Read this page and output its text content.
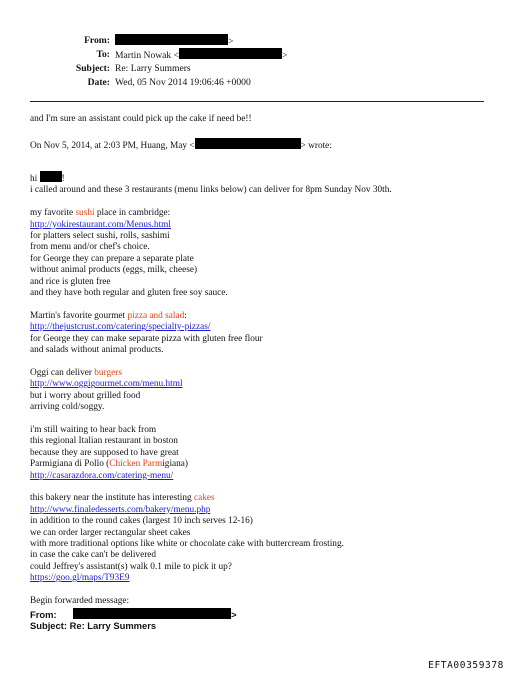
From:	>
To: Martin Nowak <	>
Subject: Re: Larry Summers
Date: Wed, 05 Nov 2014 19:06:46 +0000
and I'm sure an assistant could pick up the cake if need be!!
On Nov 5, 2014, at 2:03 PM, Huang, May <	> wrote:
hi	!
i called around and these 3 restaurants (menu links below) can deliver for 8pm Sunday Nov 30th.
my favorite sushi place in cambridge:
http://yokirestaurant.com/Menus.html
for platters select sushi, rolls, sashimi
from menu and/or chef's choice.
for George they can prepare a separate plate
without animal products (eggs, milk, cheese)
and rice is gluten free
and they have both regular and gluten free soy sauce.
Martin's favorite gourmet pizza and salad:
http://thejustcrust.com/catering/specialty-pizzas/
for George they can make separate pizza with gluten free flour
and salads without animal products.
Oggi can deliver burgers
http://www.oggigourmet.com/menu.html
but i worry about grilled food
arriving cold/soggy.
i'm still waiting to hear back from
this regional Italian restaurant in boston
because they are supposed to have great
Parmigiana di Pollo (Chicken Parmigiana)
http://casarazdora.com/catering-menu/
this bakery near the institute has interesting cakes
http://www.finaledesserts.com/bakery/menu.php
in addition to the round cakes (largest 10 inch serves 12-16)
we can order larger rectangular sheet cakes
with more traditional options like white or chocolate cake with buttercream frosting.
in case the cake can't be delivered
could Jeffrey's assistant(s) walk 0.1 mile to pick it up?
https://goo.gl/maps/T93E9
Begin forwarded message:
From:	>
Subject: Re: Larry Summers
EFTA00359378
